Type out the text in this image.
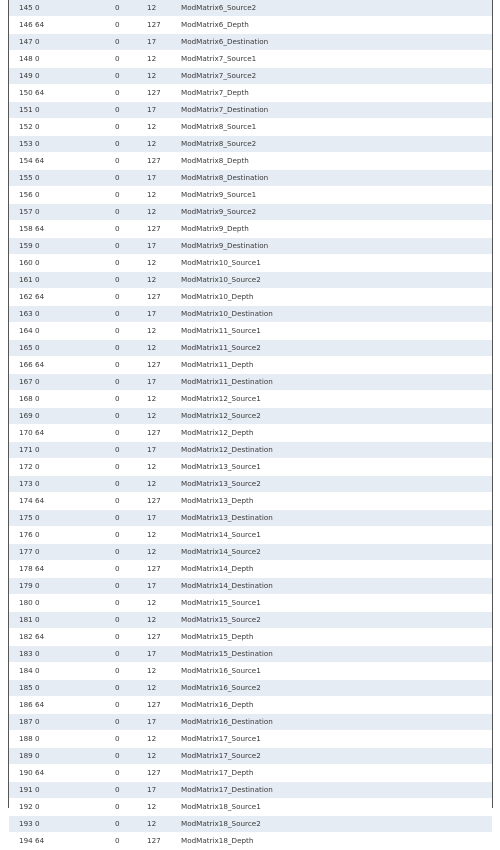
145 0	0	12	ModMatrix6_Source2
146 64	0	127	ModMatrix6_Depth
147 0	0	17	ModMatrix6_Destination
148 0	0	12	ModMatrix7_Source1
149 0	0	12	ModMatrix7_Source2
150 64	0	127	ModMatrix7_Depth
151 0	0	17	ModMatrix7_Destination
152 0	0	12	ModMatrix8_Source1
153 0	0	12	ModMatrix8_Source2
154 64	0	127	ModMatrix8_Depth
155 0	0	17	ModMatrix8_Destination
156 0	0	12	ModMatrix9_Source1
157 0	0	12	ModMatrix9_Source2
158 64	0	127	ModMatrix9_Depth
159 0	0	17	ModMatrix9_Destination
160 0	0	12	ModMatrix10_Source1
161 0	0	12	ModMatrix10_Source2
162 64	0	127	ModMatrix10_Depth
163 0	0	17	ModMatrix10_Destination
164 0	0	12	ModMatrix11_Source1
165 0	0	12	ModMatrix11_Source2
166 64	0	127	ModMatrix11_Depth
167 0	0	17	ModMatrix11_Destination
168 0	0	12	ModMatrix12_Source1
169 0	0	12	ModMatrix12_Source2
170 64	0	127	ModMatrix12_Depth
171 0	0	17	ModMatrix12_Destination
172 0	0	12	ModMatrix13_Source1
173 0	0	12	ModMatrix13_Source2
174 64	0	127	ModMatrix13_Depth
175 0	0	17	ModMatrix13_Destination
176 0	0	12	ModMatrix14_Source1
177 0	0	12	ModMatrix14_Source2
178 64	0	127	ModMatrix14_Depth
179 0	0	17	ModMatrix14_Destination
180 0	0	12	ModMatrix15_Source1
181 0	0	12	ModMatrix15_Source2
182 64	0	127	ModMatrix15_Depth
183 0	0	17	ModMatrix15_Destination
184 0	0	12	ModMatrix16_Source1
185 0	0	12	ModMatrix16_Source2
186 64	0	127	ModMatrix16_Depth
187 0	0	17	ModMatrix16_Destination
188 0	0	12	ModMatrix17_Source1
189 0	0	12	ModMatrix17_Source2
190 64	0	127	ModMatrix17_Depth
191 0	0	17	ModMatrix17_Destination
192 0	0	12	ModMatrix18_Source1
193 0	0	12	ModMatrix18_Source2
194 64	0	127	ModMatrix18_Depth
